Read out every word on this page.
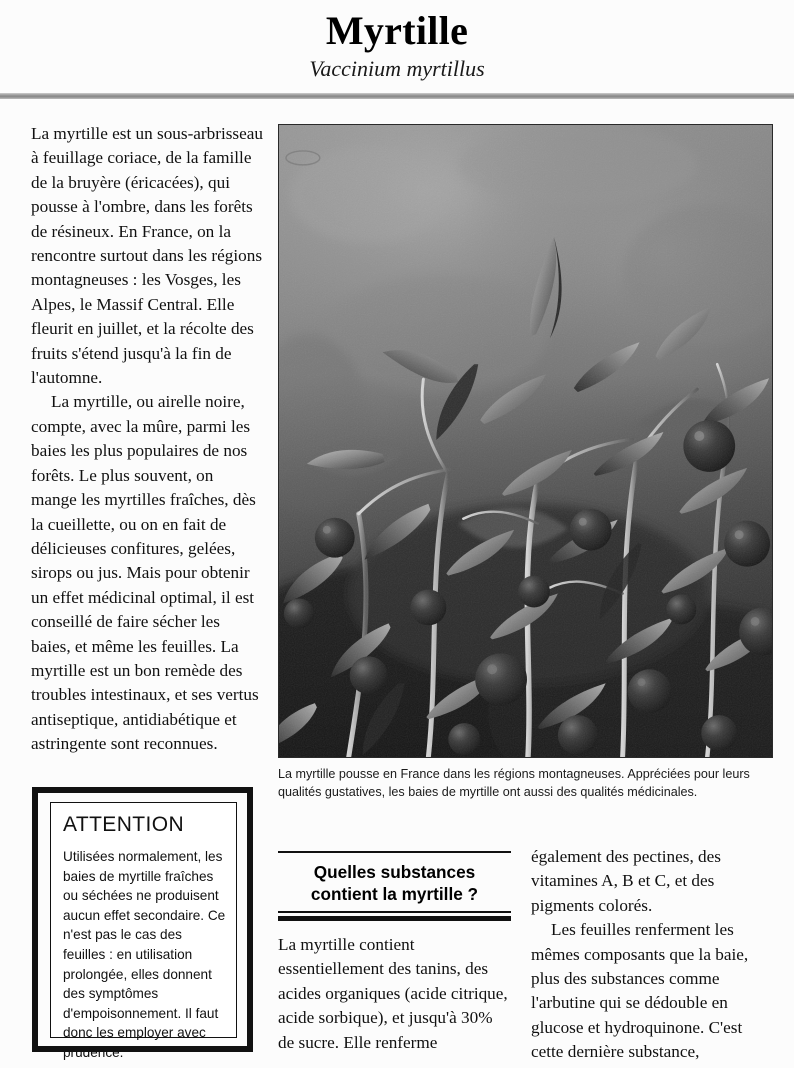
Myrtille
Vaccinium myrtillus

La myrtille est un sous-arbrisseau à feuillage coriace, de la famille de la bruyère (éricacées), qui pousse à l'ombre, dans les forêts de résineux. En France, on la rencontre surtout dans les régions montagneuses : les Vosges, les Alpes, le Massif Central. Elle fleurit en juillet, et la récolte des fruits s'étend jusqu'à la fin de l'automne.

La myrtille, ou airelle noire, compte, avec la mûre, parmi les baies les plus populaires de nos forêts. Le plus souvent, on mange les myrtilles fraîches, dès la cueillette, ou on en fait de délicieuses confitures, gelées, sirops ou jus. Mais pour obtenir un effet médicinal optimal, il est conseillé de faire sécher les baies, et même les feuilles. La myrtille est un bon remède des troubles intestinaux, et ses vertus antiseptique, antidiabétique et astringente sont reconnues.

La myrtille pousse en France dans les régions montagneuses. Appréciées pour leurs qualités gustatives, les baies de myrtille ont aussi des qualités médicinales.
ATTENTION

Utilisées normalement, les baies de myrtille fraîches ou séchées ne produisent aucun effet secondaire. Ce n'est pas le cas des feuilles : en utilisation prolongée, elles donnent des symptômes d'empoisonnement. Il faut donc les employer avec prudence.

Quelles substances contient la myrtille ?

La myrtille contient essentiellement des tanins, des acides organiques (acide citrique, acide sorbique), et jusqu'à 30% de sucre. Elle renferme

également des pectines, des vitamines A, B et C, et des pigments colorés.

Les feuilles renferment les mêmes composants que la baie, plus des substances comme l'arbutine qui se dédouble en glucose et hydroquinone. C'est cette dernière substance,
